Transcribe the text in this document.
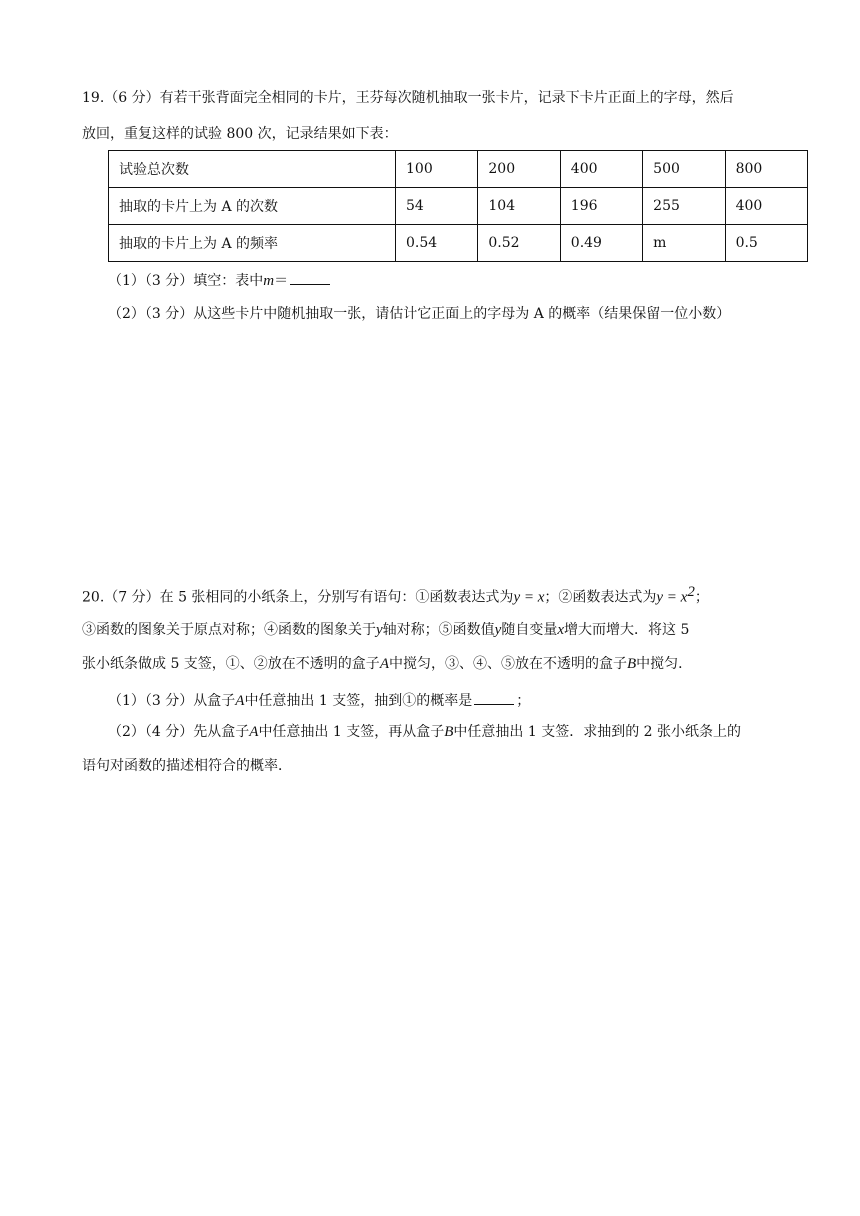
19.（6 分）有若干张背面完全相同的卡片，王芬每次随机抽取一张卡片，记录下卡片正面上的字母，然后
放回，重复这样的试验 800 次，记录结果如下表：
试验总次数	100	200	400	500	800
抽取的卡片上为 A 的次数	54	104	196	255	400
抽取的卡片上为 A 的频率	0.54	0.52	0.49	m	0.5
（1）（3 分）填空：表中m＝
（2）（3 分）从这些卡片中随机抽取一张，请估计它正面上的字母为 A 的概率（结果保留一位小数）
20.（7 分）在 5 张相同的小纸条上，分别写有语句：①函数表达式为y = x；②函数表达式为$y = x^2$；
③函数的图象关于原点对称；④函数的图象关于y轴对称；⑤函数值y随自变量x增大而增大．将这 5
张小纸条做成 5 支签，①、②放在不透明的盒子A中搅匀，③、④、⑤放在不透明的盒子B中搅匀．
（1）（3 分）从盒子A中任意抽出 1 支签，抽到①的概率是	；
（2）（4 分）先从盒子A中任意抽出 1 支签，再从盒子B中任意抽出 1 支签．求抽到的 2 张小纸条上的
语句对函数的描述相符合的概率．
